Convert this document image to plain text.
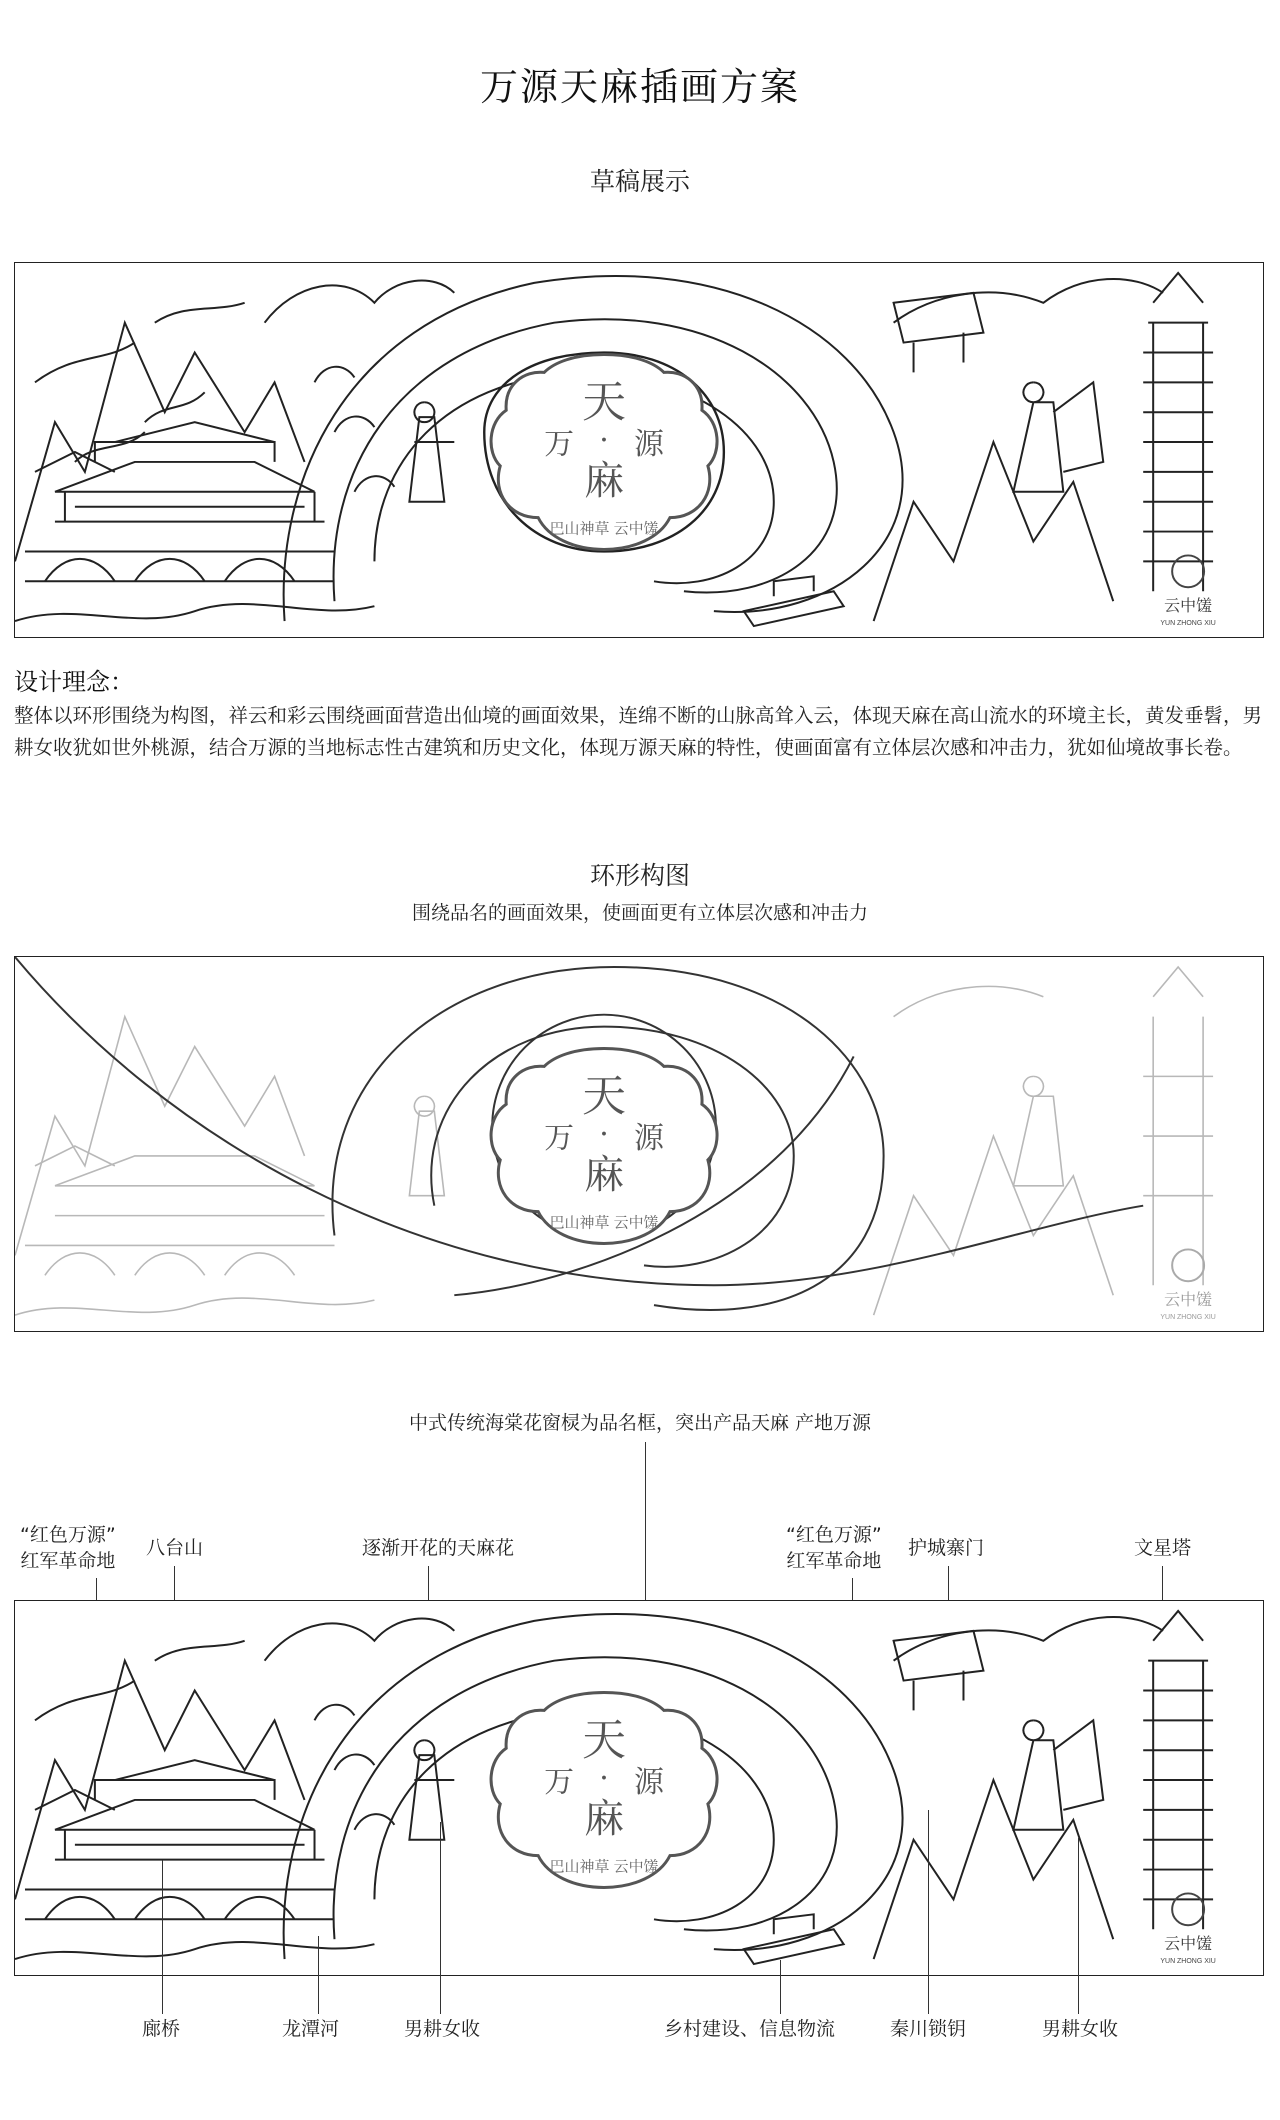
万源天麻插画方案
草稿展示
天
万 源
·
麻
巴山神草 云中馐
云中馐
YUN ZHONG XIU
设计理念：
整体以环形围绕为构图，祥云和彩云围绕画面营造出仙境的画面效果，连绵不断的山脉高耸入云，体现天麻在高山流水的环境主长，黄发垂髫，男耕女收犹如世外桃源，结合万源的当地标志性古建筑和历史文化，体现万源天麻的特性，使画面富有立体层次感和冲击力，犹如仙境故事长卷。
环形构图
围绕品名的画面效果，使画面更有立体层次感和冲击力
天
万 源
·
麻
巴山神草 云中馐
云中馐
YUN ZHONG XIU
中式传统海棠花窗棂为品名框，突出产品天麻 产地万源
“红色万源”
红军革命地
八台山	逐渐开花的天麻花
“红色万源”
红军革命地
护城寨门	文星塔
天
万 源
·
麻
巴山神草 云中馐
云中馐
YUN ZHONG XIU
廊桥	龙潭河	男耕女收	乡村建设、信息物流	秦川锁钥	男耕女收
